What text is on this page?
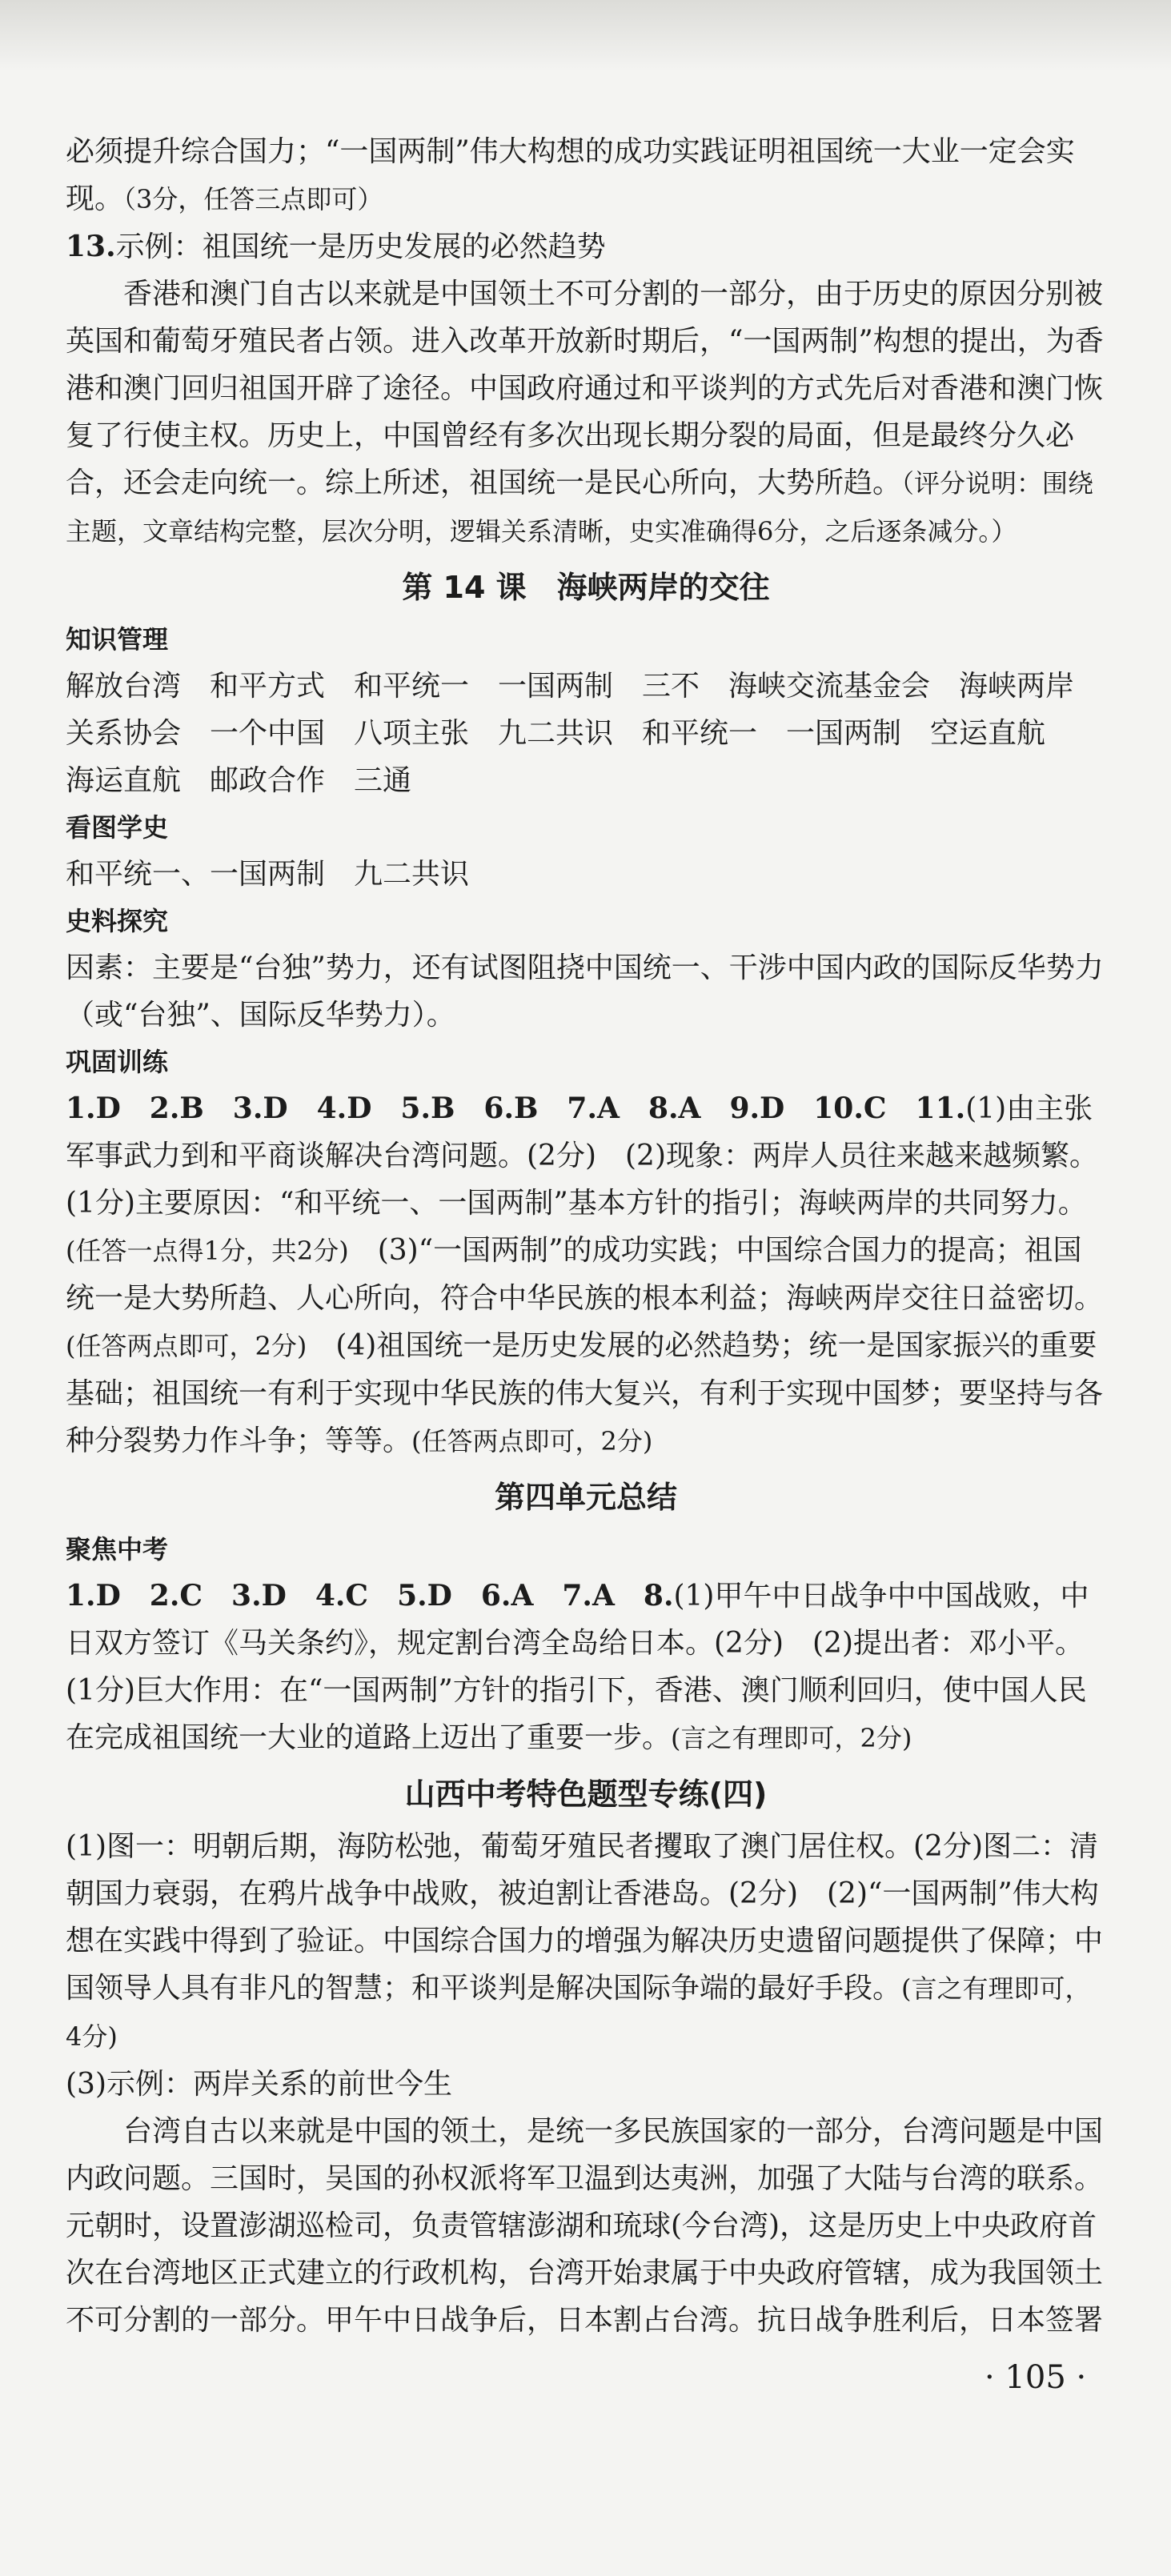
必须提升综合国力；“一国两制”伟大构想的成功实践证明祖国统一大业一定会实

现。（3分，任答三点即可）

13.示例：祖国统一是历史发展的必然趋势

香港和澳门自古以来就是中国领土不可分割的一部分，由于历史的原因分别被英国和葡萄牙殖民者占领。进入改革开放新时期后，“一国两制”构想的提出，为香港和澳门回归祖国开辟了途径。中国政府通过和平谈判的方式先后对香港和澳门恢复了行使主权。历史上，中国曾经有多次出现长期分裂的局面，但是最终分久必合，还会走向统一。综上所述，祖国统一是民心所向，大势所趋。（评分说明：围绕主题，文章结构完整，层次分明，逻辑关系清晰，史实准确得6分，之后逐条减分。）

第 14 课　海峡两岸的交往
知识管理

解放台湾　和平方式　和平统一　一国两制　三不　海峡交流基金会　海峡两岸

关系协会　一个中国　八项主张　九二共识　和平统一　一国两制　空运直航

海运直航　邮政合作　三通

看图学史

和平统一、一国两制　九二共识

史料探究

因素：主要是“台独”势力，还有试图阻挠中国统一、干涉中国内政的国际反华势力（或“台独”、国际反华势力）。

巩固训练

1.D　2.B　3.D　4.D　5.B　6.B　7.A　8.A　9.D　10.C　11.(1)由主张军事武力到和平商谈解决台湾问题。(2分)　(2)现象：两岸人员往来越来越频繁。(1分)主要原因：“和平统一、一国两制”基本方针的指引；海峡两岸的共同努力。(任答一点得1分，共2分)　(3)“一国两制”的成功实践；中国综合国力的提高；祖国统一是大势所趋、人心所向，符合中华民族的根本利益；海峡两岸交往日益密切。(任答两点即可，2分)　(4)祖国统一是历史发展的必然趋势；统一是国家振兴的重要基础；祖国统一有利于实现中华民族的伟大复兴，有利于实现中国梦；要坚持与各种分裂势力作斗争；等等。(任答两点即可，2分)

第四单元总结
聚焦中考

1.D　2.C　3.D　4.C　5.D　6.A　7.A　8.(1)甲午中日战争中中国战败，中日双方签订《马关条约》，规定割台湾全岛给日本。(2分)　(2)提出者：邓小平。(1分)巨大作用：在“一国两制”方针的指引下，香港、澳门顺利回归，使中国人民在完成祖国统一大业的道路上迈出了重要一步。(言之有理即可，2分)

山西中考特色题型专练(四)

(1)图一：明朝后期，海防松弛，葡萄牙殖民者攫取了澳门居住权。(2分)图二：清朝国力衰弱，在鸦片战争中战败，被迫割让香港岛。(2分)　(2)“一国两制”伟大构想在实践中得到了验证。中国综合国力的增强为解决历史遗留问题提供了保障；中国领导人具有非凡的智慧；和平谈判是解决国际争端的最好手段。(言之有理即可，4分)

(3)示例：两岸关系的前世今生

台湾自古以来就是中国的领土，是统一多民族国家的一部分，台湾问题是中国内政问题。三国时，吴国的孙权派将军卫温到达夷洲，加强了大陆与台湾的联系。元朝时，设置澎湖巡检司，负责管辖澎湖和琉球(今台湾)，这是历史上中央政府首次在台湾地区正式建立的行政机构，台湾开始隶属于中央政府管辖，成为我国领土不可分割的一部分。甲午中日战争后，日本割占台湾。抗日战争胜利后，日本签署

· 105 ·
